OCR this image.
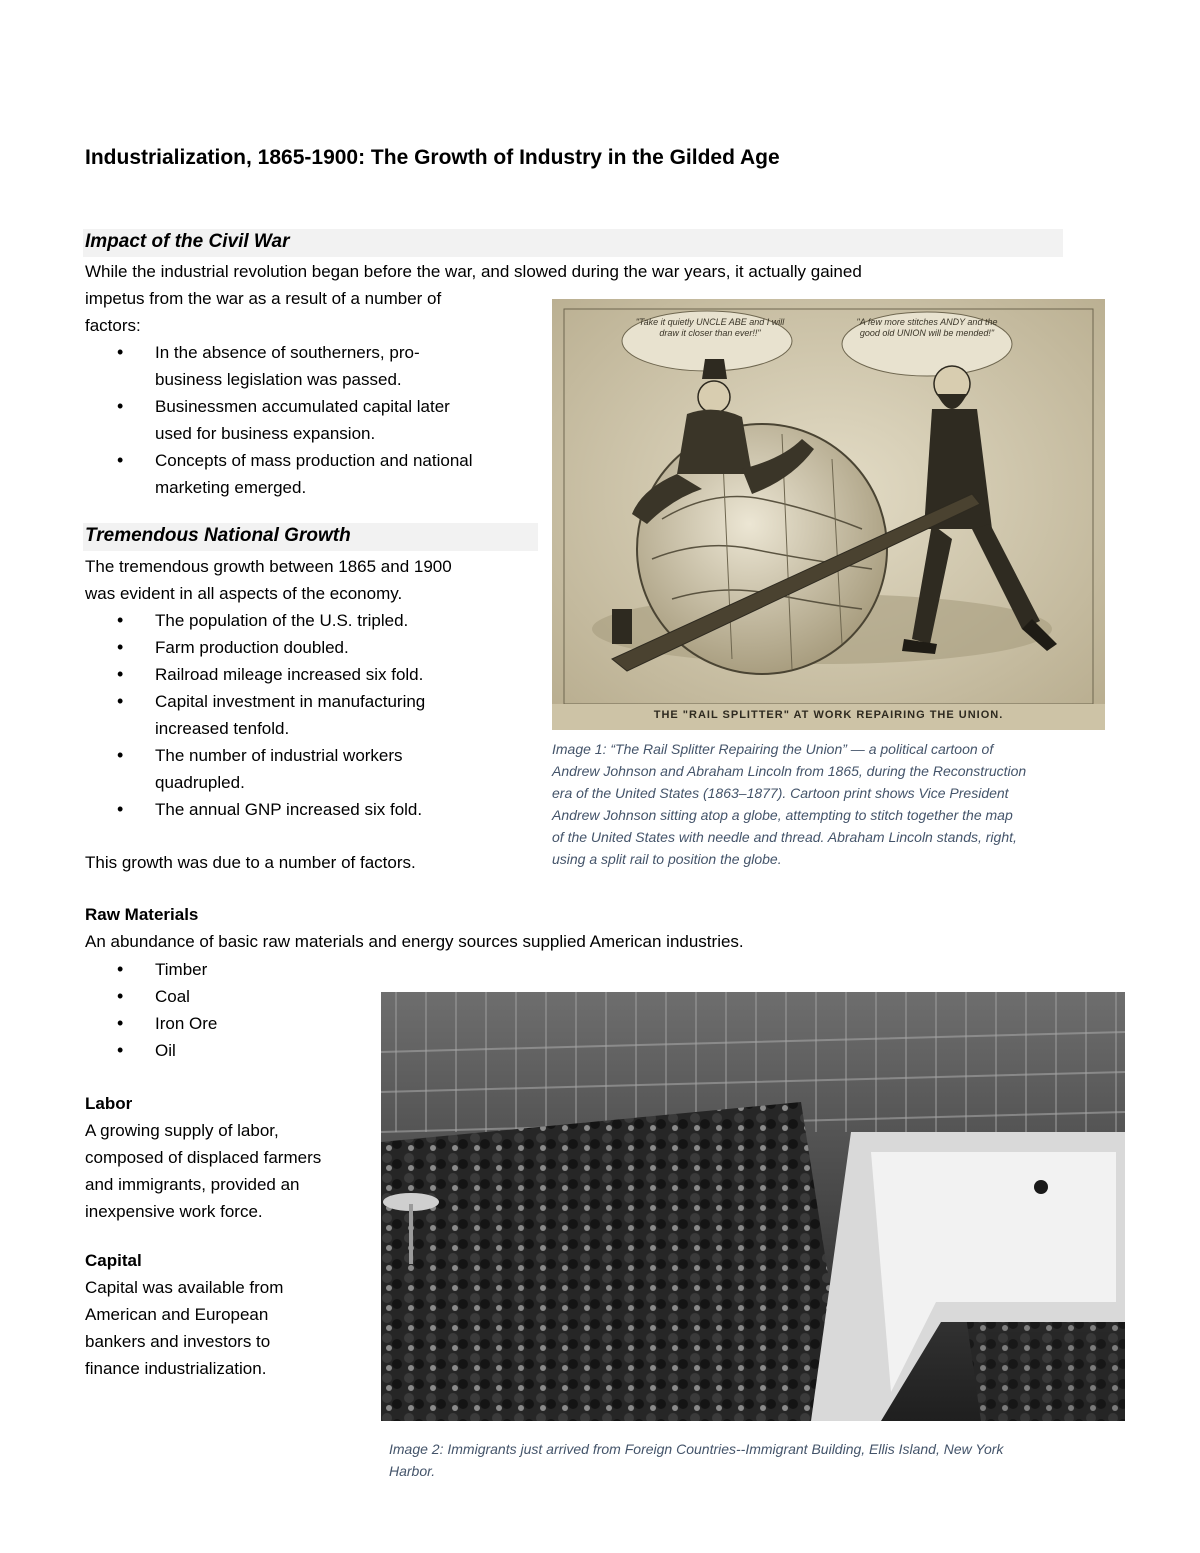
Industrialization, 1865-1900: The Growth of Industry in the Gilded Age
Impact of the Civil War
While the industrial revolution began before the war, and slowed during the war years, it actually gained
impetus from the war as a result of a number of
factors:
• In the absence of southerners, pro-
business legislation was passed.
• Businessmen accumulated capital later
used for business expansion.
• Concepts of mass production and national
marketing emerged.
Tremendous National Growth
The tremendous growth between 1865 and 1900
was evident in all aspects of the economy.
• The population of the U.S. tripled.
• Farm production doubled.
• Railroad mileage increased six fold.
• Capital investment in manufacturing
increased tenfold.
• The number of industrial workers
quadrupled.
• The annual GNP increased six fold.
This growth was due to a number of factors.
"Take it quietly UNCLE ABE and I will draw it closer than ever!!"
"A few more stitches ANDY and the good old UNION will be mended!"
THE "RAIL SPLITTER" AT WORK REPAIRING THE UNION.
Image 1: “The Rail Splitter Repairing the Union” — a political cartoon of
Andrew Johnson and Abraham Lincoln from 1865, during the Reconstruction
era of the United States (1863–1877). Cartoon print shows Vice President
Andrew Johnson sitting atop a globe, attempting to stitch together the map
of the United States with needle and thread. Abraham Lincoln stands, right,
using a split rail to position the globe.
Raw Materials
An abundance of basic raw materials and energy sources supplied American industries.
• Timber
• Coal
• Iron Ore
• Oil
Labor
A growing supply of labor,
composed of displaced farmers
and immigrants, provided an
inexpensive work force.
Capital
Capital was available from
American and European
bankers and investors to
finance industrialization.
Image 2: Immigrants just arrived from Foreign Countries--Immigrant Building, Ellis Island, New York
Harbor.
